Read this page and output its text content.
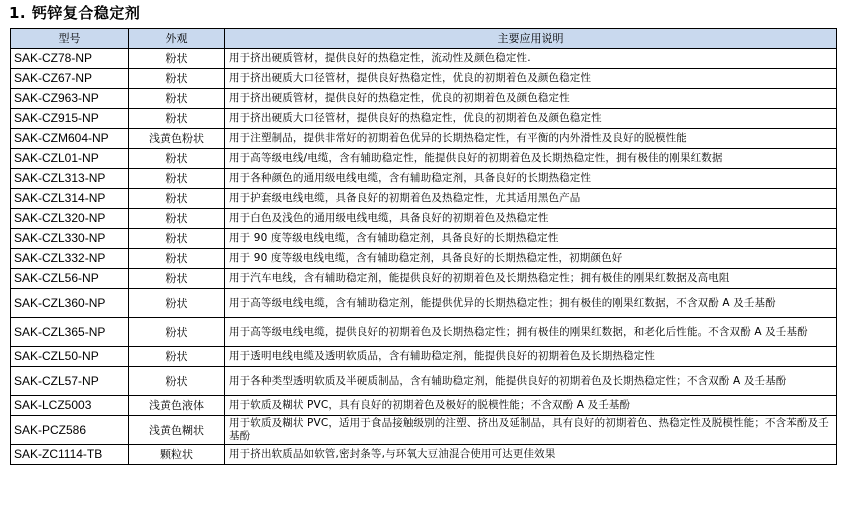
1. 钙锌复合稳定剂
型号	外观	主要应用说明
SAK-CZ78-NP	粉状	用于挤出硬质管材，提供良好的热稳定性，流动性及颜色稳定性.
SAK-CZ67-NP	粉状	用于挤出硬质大口径管材，提供良好热稳定性，优良的初期着色及颜色稳定性
SAK-CZ963-NP	粉状	用于挤出硬质管材，提供良好的热稳定性，优良的初期着色及颜色稳定性
SAK-CZ915-NP	粉状	用于挤出硬质大口径管材，提供良好的热稳定性，优良的初期着色及颜色稳定性
SAK-CZM604-NP	浅黄色粉状	用于注塑制品，提供非常好的初期着色优异的长期热稳定性，有平衡的内外滑性及良好的脱模性能
SAK-CZL01-NP	粉状	用于高等级电线/电缆，含有辅助稳定性，能提供良好的初期着色及长期热稳定性，拥有极佳的刚果红数据
SAK-CZL313-NP	粉状	用于各种颜色的通用级电线电缆，含有辅助稳定剂，具备良好的长期热稳定性
SAK-CZL314-NP	粉状	用于护套级电线电缆，具备良好的初期着色及热稳定性，尤其适用黑色产品
SAK-CZL320-NP	粉状	用于白色及浅色的通用级电线电缆，具备良好的初期着色及热稳定性
SAK-CZL330-NP	粉状	用于 90 度等级电线电缆，含有辅助稳定剂，具备良好的长期热稳定性
SAK-CZL332-NP	粉状	用于 90 度等级电线电缆，含有辅助稳定剂，具备良好的长期热稳定性，初期颜色好
SAK-CZL56-NP	粉状	用于汽车电线，含有辅助稳定剂，能提供良好的初期着色及长期热稳定性；拥有极佳的刚果红数据及高电阻
SAK-CZL360-NP	粉状	用于高等级电线电缆，含有辅助稳定剂，能提供优异的长期热稳定性；拥有极佳的刚果红数据，不含双酚 A 及壬基酚
SAK-CZL365-NP	粉状	用于高等级电线电缆，提供良好的初期着色及长期热稳定性；拥有极佳的刚果红数据，和老化后性能。不含双酚 A 及壬基酚
SAK-CZL50-NP	粉状	用于透明电线电缆及透明软质品，含有辅助稳定剂，能提供良好的初期着色及长期热稳定性
SAK-CZL57-NP	粉状	用于各种类型透明软质及半硬质制品，含有辅助稳定剂，能提供良好的初期着色及长期热稳定性；不含双酚 A 及壬基酚
SAK-LCZ5003	浅黄色液体	用于软质及糊状 PVC，具有良好的初期着色及极好的脱模性能；不含双酚 A 及壬基酚
SAK-PCZ586	浅黄色糊状	用于软质及糊状 PVC，适用于食品接触级别的注塑、挤出及延制品，具有良好的初期着色、热稳定性及脱模性能；不含苯酚及壬基酚
SAK-ZC1114-TB	颗粒状	用于挤出软质品如软管,密封条等,与环氧大豆油混合使用可达更佳效果
